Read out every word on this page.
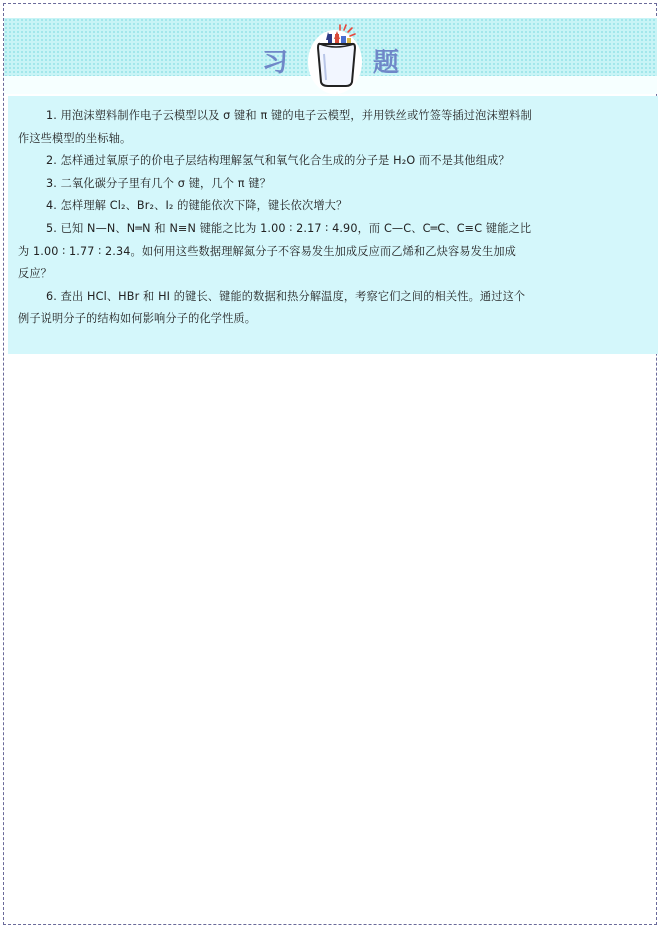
习	题

1. 用泡沫塑料制作电子云模型以及 σ 键和 π 键的电子云模型，并用铁丝或竹签等插过泡沫塑料制

作这些模型的坐标轴。

2. 怎样通过氧原子的价电子层结构理解氢气和氧气化合生成的分子是 H₂O 而不是其他组成？

3. 二氧化碳分子里有几个 σ 键，几个 π 键？

4. 怎样理解 Cl₂、Br₂、I₂ 的键能依次下降，键长依次增大？

5. 已知 N—N、N═N 和 N≡N 键能之比为 1.00 ∶ 2.17 ∶ 4.90，而 C—C、C═C、C≡C 键能之比

为 1.00 ∶ 1.77 ∶ 2.34。如何用这些数据理解氮分子不容易发生加成反应而乙烯和乙炔容易发生加成

反应？

6. 查出 HCl、HBr 和 HI 的键长、键能的数据和热分解温度，考察它们之间的相关性。通过这个

例子说明分子的结构如何影响分子的化学性质。
